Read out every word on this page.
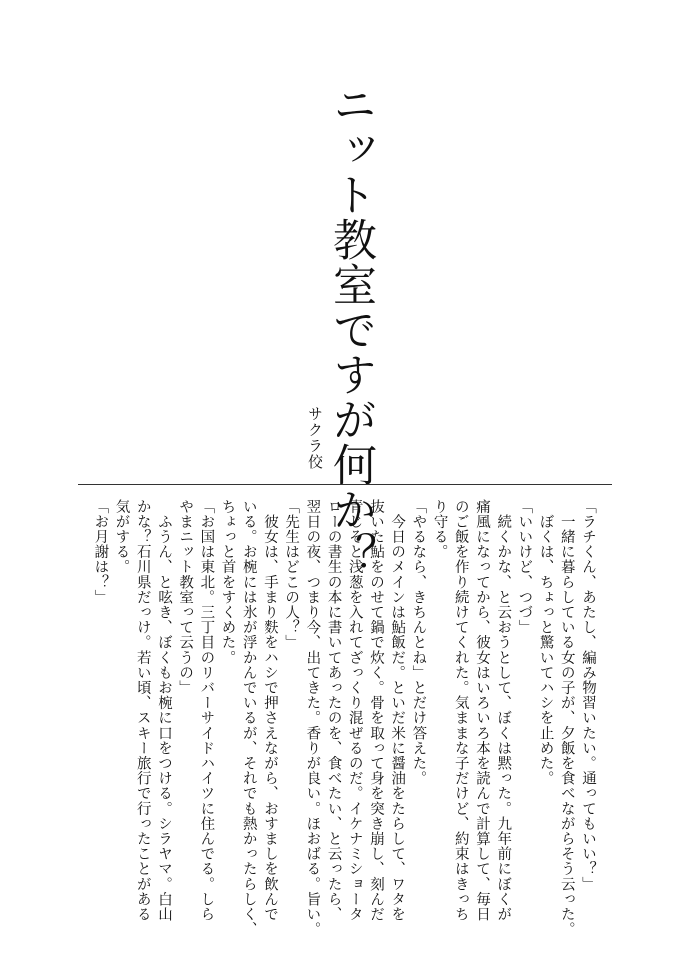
ニット教室ですが何か？
サクラ佼
「ラチくん、あたし、編み物習いたい。通ってもいい？」
　一緒に暮らしている女の子が、夕飯を食べながらそう云った。
　ぼくは、ちょっと驚いてハシを止めた。
「いいけど、つづ」
　続くかな、と云おうとして、ぼくは黙った。九年前にぼくが
痛風になってから、彼女はいろいろ本を読んで計算して、毎日
のご飯を作り続けてくれた。気ままな子だけど、約束はきっち
り守る。
「やるなら、きちんとね」とだけ答えた。
　今日のメインは鮎飯だ。といだ米に醤油をたらして、ワタを
抜いた鮎をのせて鍋で炊く。骨を取って身を突き崩し、刻んだ
青じそと浅葱を入れてざっくり混ぜるのだ。イケナミショータ
ローの書生の本に書いてあったのを、食べたい、と云ったら、
翌日の夜、つまり今、出てきた。香りが良い。ほおばる。旨い。
「先生はどこの人？」
　彼女は、手まり麩をハシで押さえながら、おすましを飲んで
いる。お椀には氷が浮かんでいるが、それでも熱かったらしく、
ちょっと首をすくめた。
「お国は東北。三丁目のリバーサイドハイツに住んでる。しら
やまニット教室って云うの」
　ふうん、と呟き、ぼくもお椀に口をつける。シラヤマ。白山
かな？石川県だっけ。若い頃、スキー旅行で行ったことがある
気がする。
「お月謝は？」
